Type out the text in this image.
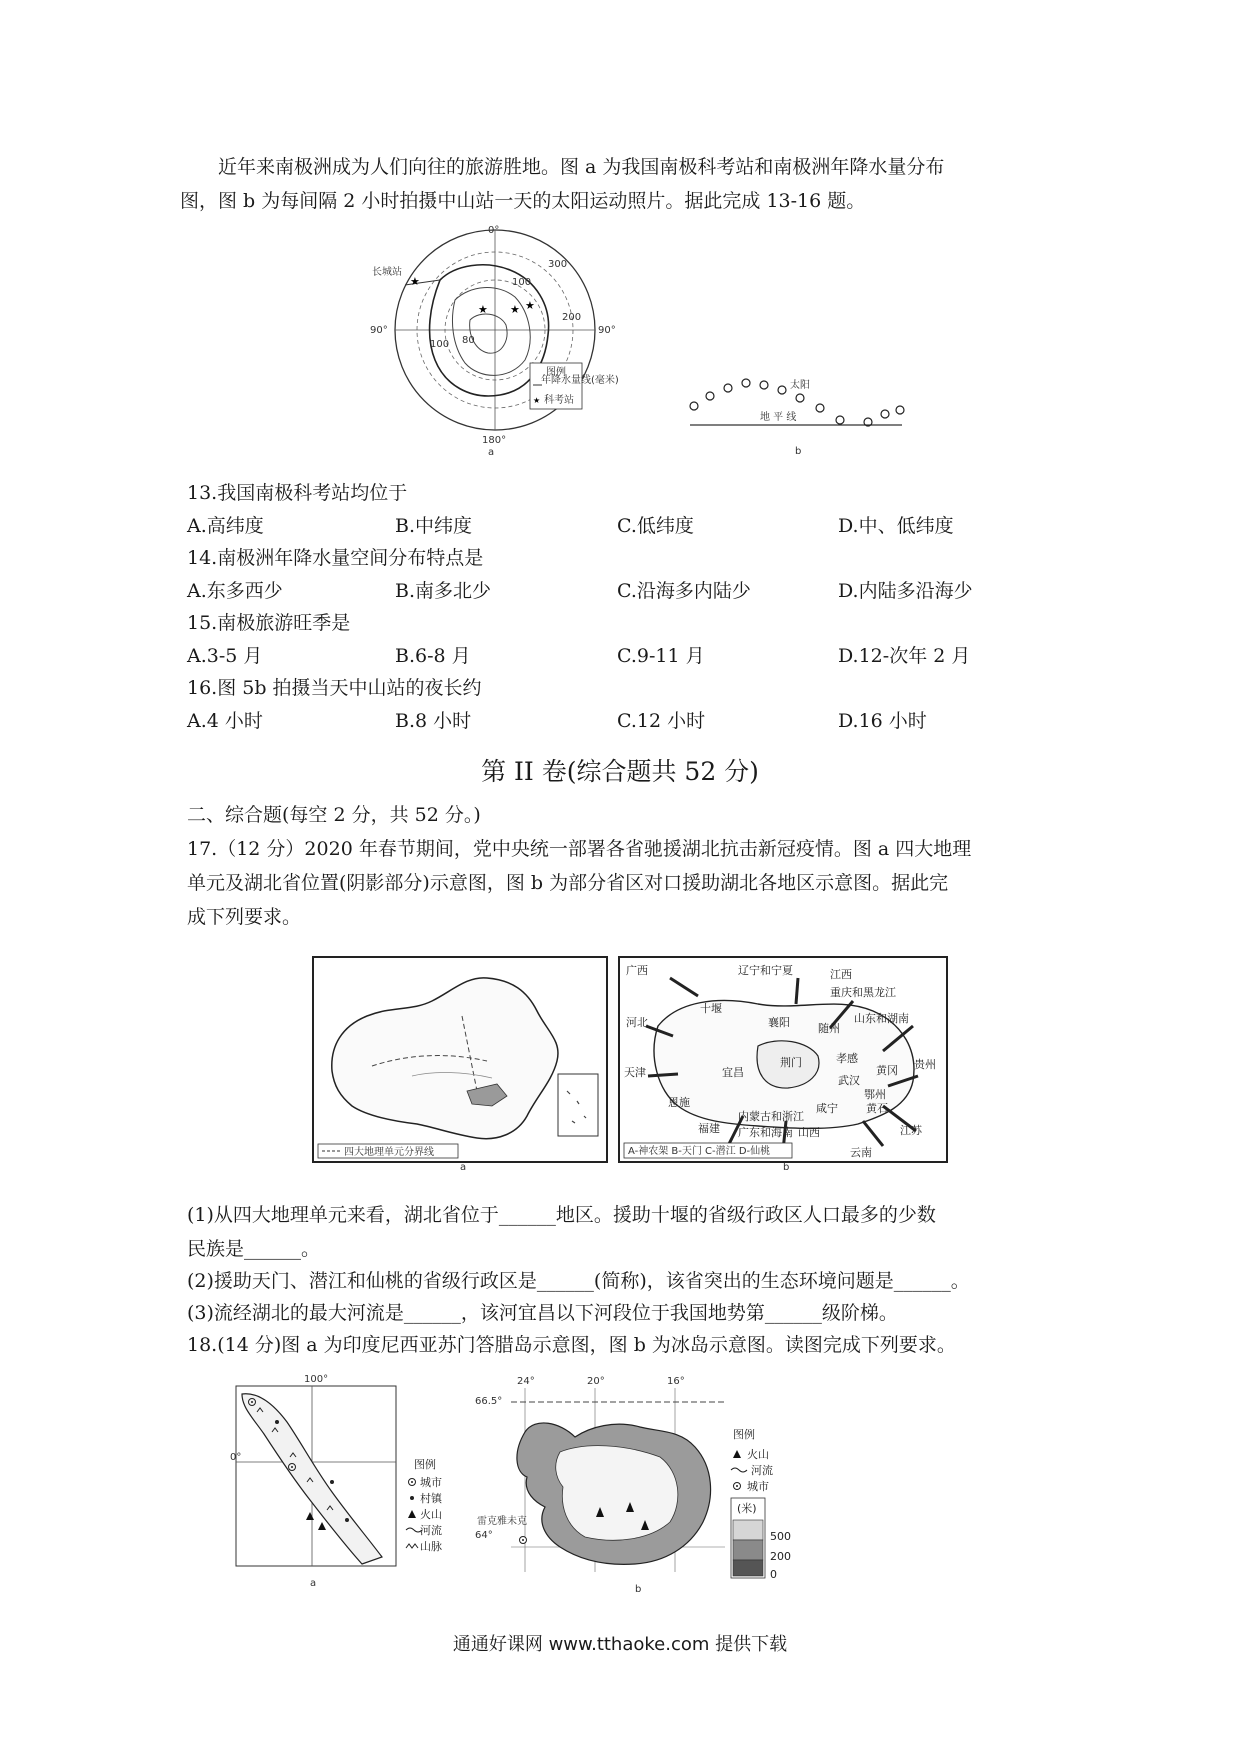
近年来南极洲成为人们向往的旅游胜地。图 a 为我国南极科考站和南极洲年降水量分布
图，图 b 为每间隔 2 小时拍摄中山站一天的太阳运动照片。据此完成 13-16 题。
0°
90°	90°
180°
长城站
100
300
200
100 80
★
★ ★ ★
图例
年降水量线(毫米)
★ 科考站
a
太阳
地 平 线
b
13.我国南极科考站均位于
A.高纬度	B.中纬度	C.低纬度	D.中、低纬度
14.南极洲年降水量空间分布特点是
A.东多西少	B.南多北少	C.沿海多内陆少	D.内陆多沿海少
15.南极旅游旺季是
A.3-5 月	B.6-8 月	C.9-11 月	D.12-次年 2 月
16.图 5b 拍摄当天中山站的夜长约
A.4 小时	B.8 小时	C.12 小时	D.16 小时
第 II 卷(综合题共 52 分)
二、综合题(每空 2 分，共 52 分。)
17.（12 分）2020 年春节期间，党中央统一部署各省驰援湖北抗击新冠疫情。图 a 四大地理
单元及湖北省位置(阴影部分)示意图，图 b 为部分省区对口援助湖北各地区示意图。据此完
成下列要求。
四大地理单元分界线
a
广西	辽宁和宁夏	江西
十堰
重庆和黑龙江
河北	襄阳	随州
山东和湖南
天津	宜昌
荆门	孝感
黄冈 贵州
恩施
武汉
鄂州
福建
内蒙古和浙江
咸宁	黄石
广东和海南 山西	江苏
云南
A-神农架 B-天门 C-潜江 D-仙桃
b
(1)从四大地理单元来看，湖北省位于______地区。援助十堰的省级行政区人口最多的少数
民族是______。
(2)援助天门、潜江和仙桃的省级行政区是______(简称)，该省突出的生态环境问题是______。
(3)流经湖北的最大河流是______，该河宜昌以下河段位于我国地势第______级阶梯。
18.(14 分)图 a 为印度尼西亚苏门答腊岛示意图，图 b 为冰岛示意图。读图完成下列要求。
100°
0°
图例
城市
村镇
火山
河流
山脉
a
24°	20°	16°
66.5°
64°
雷克雅未克
图例
火山
河流
城市
(米)
500
200
0
b
通通好课网 www.tthaoke.com 提供下载
